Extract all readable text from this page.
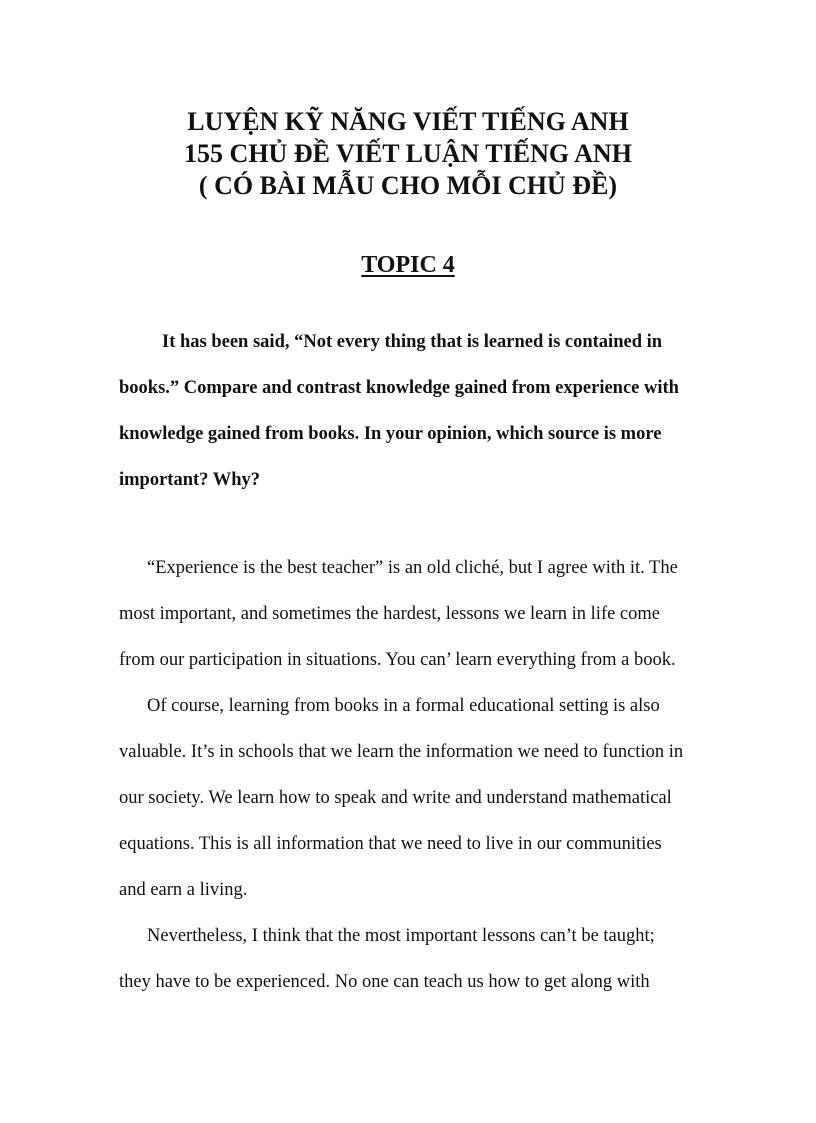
LUYỆN KỸ NĂNG VIẾT TIẾNG ANH
155 CHỦ ĐỀ VIẾT LUẬN TIẾNG ANH
( CÓ BÀI MẪU CHO MỖI CHỦ ĐỀ)
TOPIC 4
It has been said, “Not every thing that is learned is contained in
books.” Compare and contrast knowledge gained from experience with
knowledge gained from books. In your opinion, which source is more
important? Why?
“Experience is the best teacher” is an old cliché, but I agree with it. The
most important, and sometimes the hardest, lessons we learn in life come
from our participation in situations. You can’ learn everything from a book.
Of course, learning from books in a formal educational setting is also
valuable. It’s in schools that we learn the information we need to function in
our society. We learn how to speak and write and understand mathematical
equations. This is all information that we need to live in our communities
and earn a living.
Nevertheless, I think that the most important lessons can’t be taught;
they have to be experienced. No one can teach us how to get along with
